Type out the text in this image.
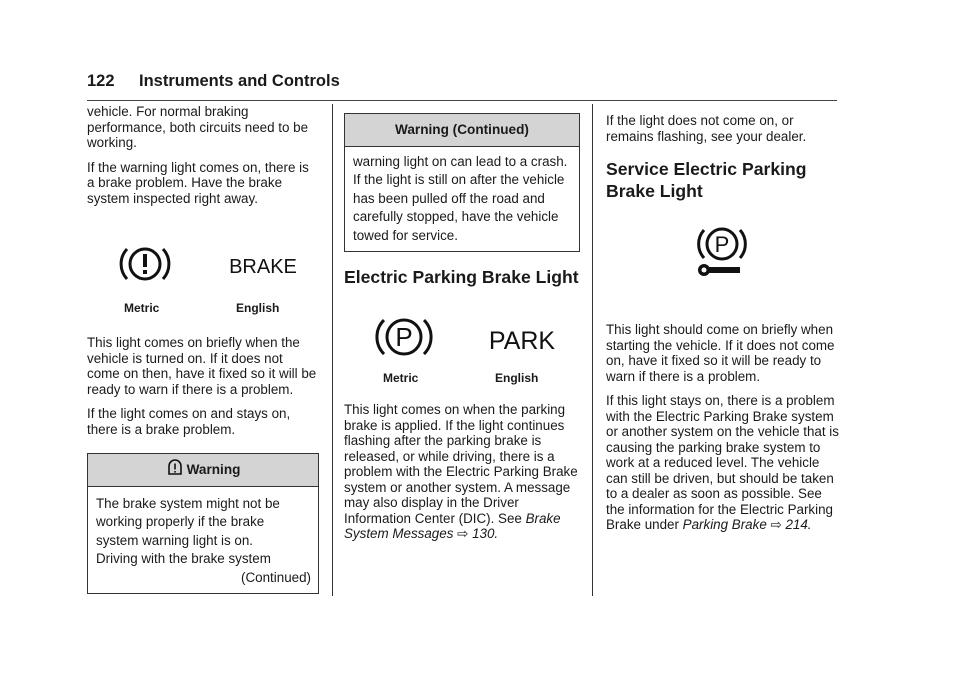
122 Instruments and Controls

vehicle. For normal braking performance, both circuits need to be working.

If the warning light comes on, there is a brake problem. Have the brake system inspected right away.

BRAKE
Metric	English

This light comes on briefly when the vehicle is turned on. If it does not come on then, have it fixed so it will be ready to warn if there is a problem.

If the light comes on and stays on, there is a brake problem.

Warning
The brake system might not be
working properly if the brake
system warning light is on.
Driving with the brake system
(Continued)
Warning (Continued)
warning light on can lead to a crash. If the light is still on after the vehicle has been pulled off the road and carefully stopped, have the vehicle towed for service.
Electric Parking Brake Light
P	PARK
Metric	English

This light comes on when the parking brake is applied. If the light continues flashing after the parking brake is released, or while driving, there is a problem with the Electric Parking Brake system or another system. A message may also display in the Driver Information Center (DIC). See Brake System Messages ⇨ 130.

If the light does not come on, or remains flashing, see your dealer.

Service Electric Parking Brake Light
P

This light should come on briefly when starting the vehicle. If it does not come on, have it fixed so it will be ready to warn if there is a problem.

If this light stays on, there is a problem with the Electric Parking Brake system or another system on the vehicle that is causing the parking brake system to work at a reduced level. The vehicle can still be driven, but should be taken to a dealer as soon as possible. See the information for the Electric Parking Brake under Parking Brake ⇨ 214.
